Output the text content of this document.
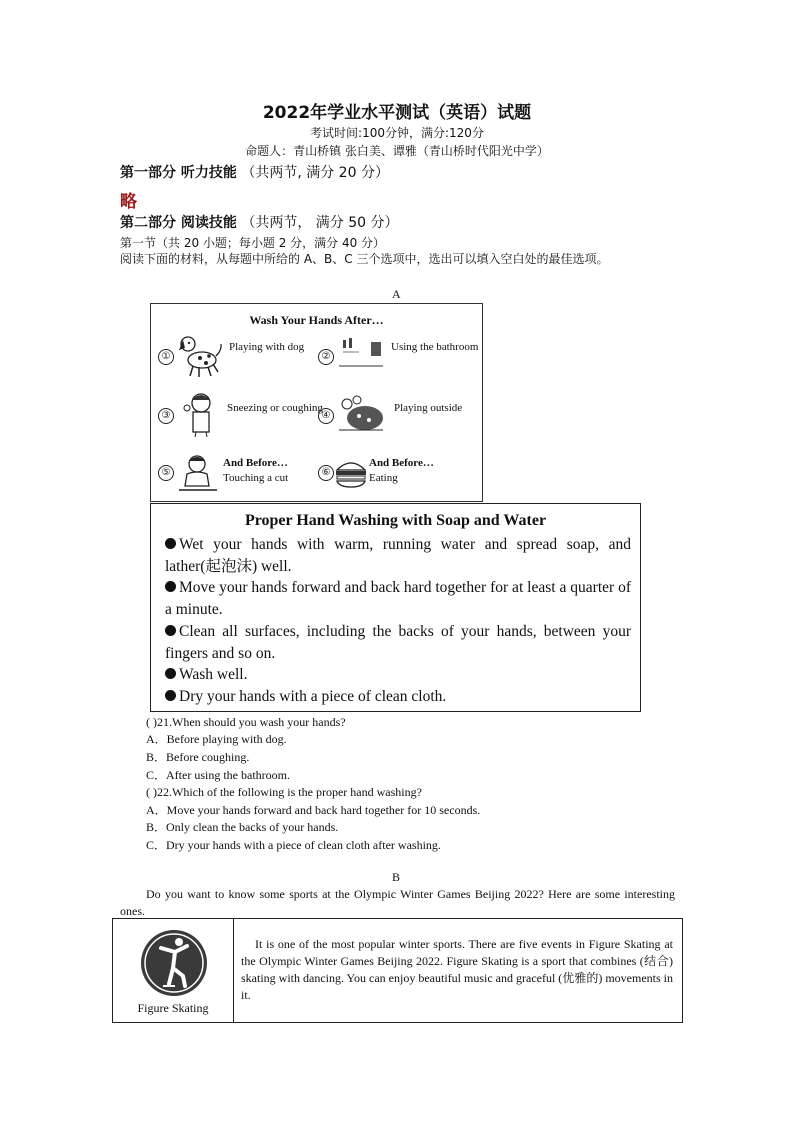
2022年学业水平测试（英语）试题
考试时间:100分钟，满分:120分
命题人：青山桥镇 张白美、谭雅（青山桥时代阳光中学）
第一部分 听力技能 （共两节, 满分 20 分）
略
第二部分 阅读技能 （共两节， 满分 50 分）
第一节（共 20 小题；每小题 2 分，满分 40 分）
阅读下面的材料，从每题中所给的 A、B、C 三个选项中，选出可以填入空白处的最佳选项。
A
Wash Your Hands After…
①
Playing with dog
②
Using the bathroom
③
Sneezing or coughing
④
Playing outside
⑤
And Before…
Touching a cut	⑥
And Before…
Eating
Proper Hand Washing with Soap and Water
Wet your hands with warm, running water and spread soap, and lather(起泡沫) well.
Move your hands forward and back hard together for at least a quarter of a minute.
Clean all surfaces, including the backs of your hands, between your fingers and so on.
Wash well.
Dry your hands with a piece of clean cloth.
( )21.When should you wash your hands?
A．Before playing with dog.
B．Before coughing.
C．After using the bathroom.
( )22.Which of the following is the proper hand washing?
A．Move your hands forward and back hard together for 10 seconds.
B．Only clean the backs of your hands.
C．Dry your hands with a piece of clean cloth after washing.
B
Do you want to know some sports at the Olympic Winter Games Beijing 2022? Here are some interesting ones.
Figure Skating
It is one of the most popular winter sports. There are five events in Figure Skating at the Olympic Winter Games Beijing 2022. Figure Skating is a sport that combines (结合) skating with dancing. You can enjoy beautiful music and graceful (优雅的) movements in it.
